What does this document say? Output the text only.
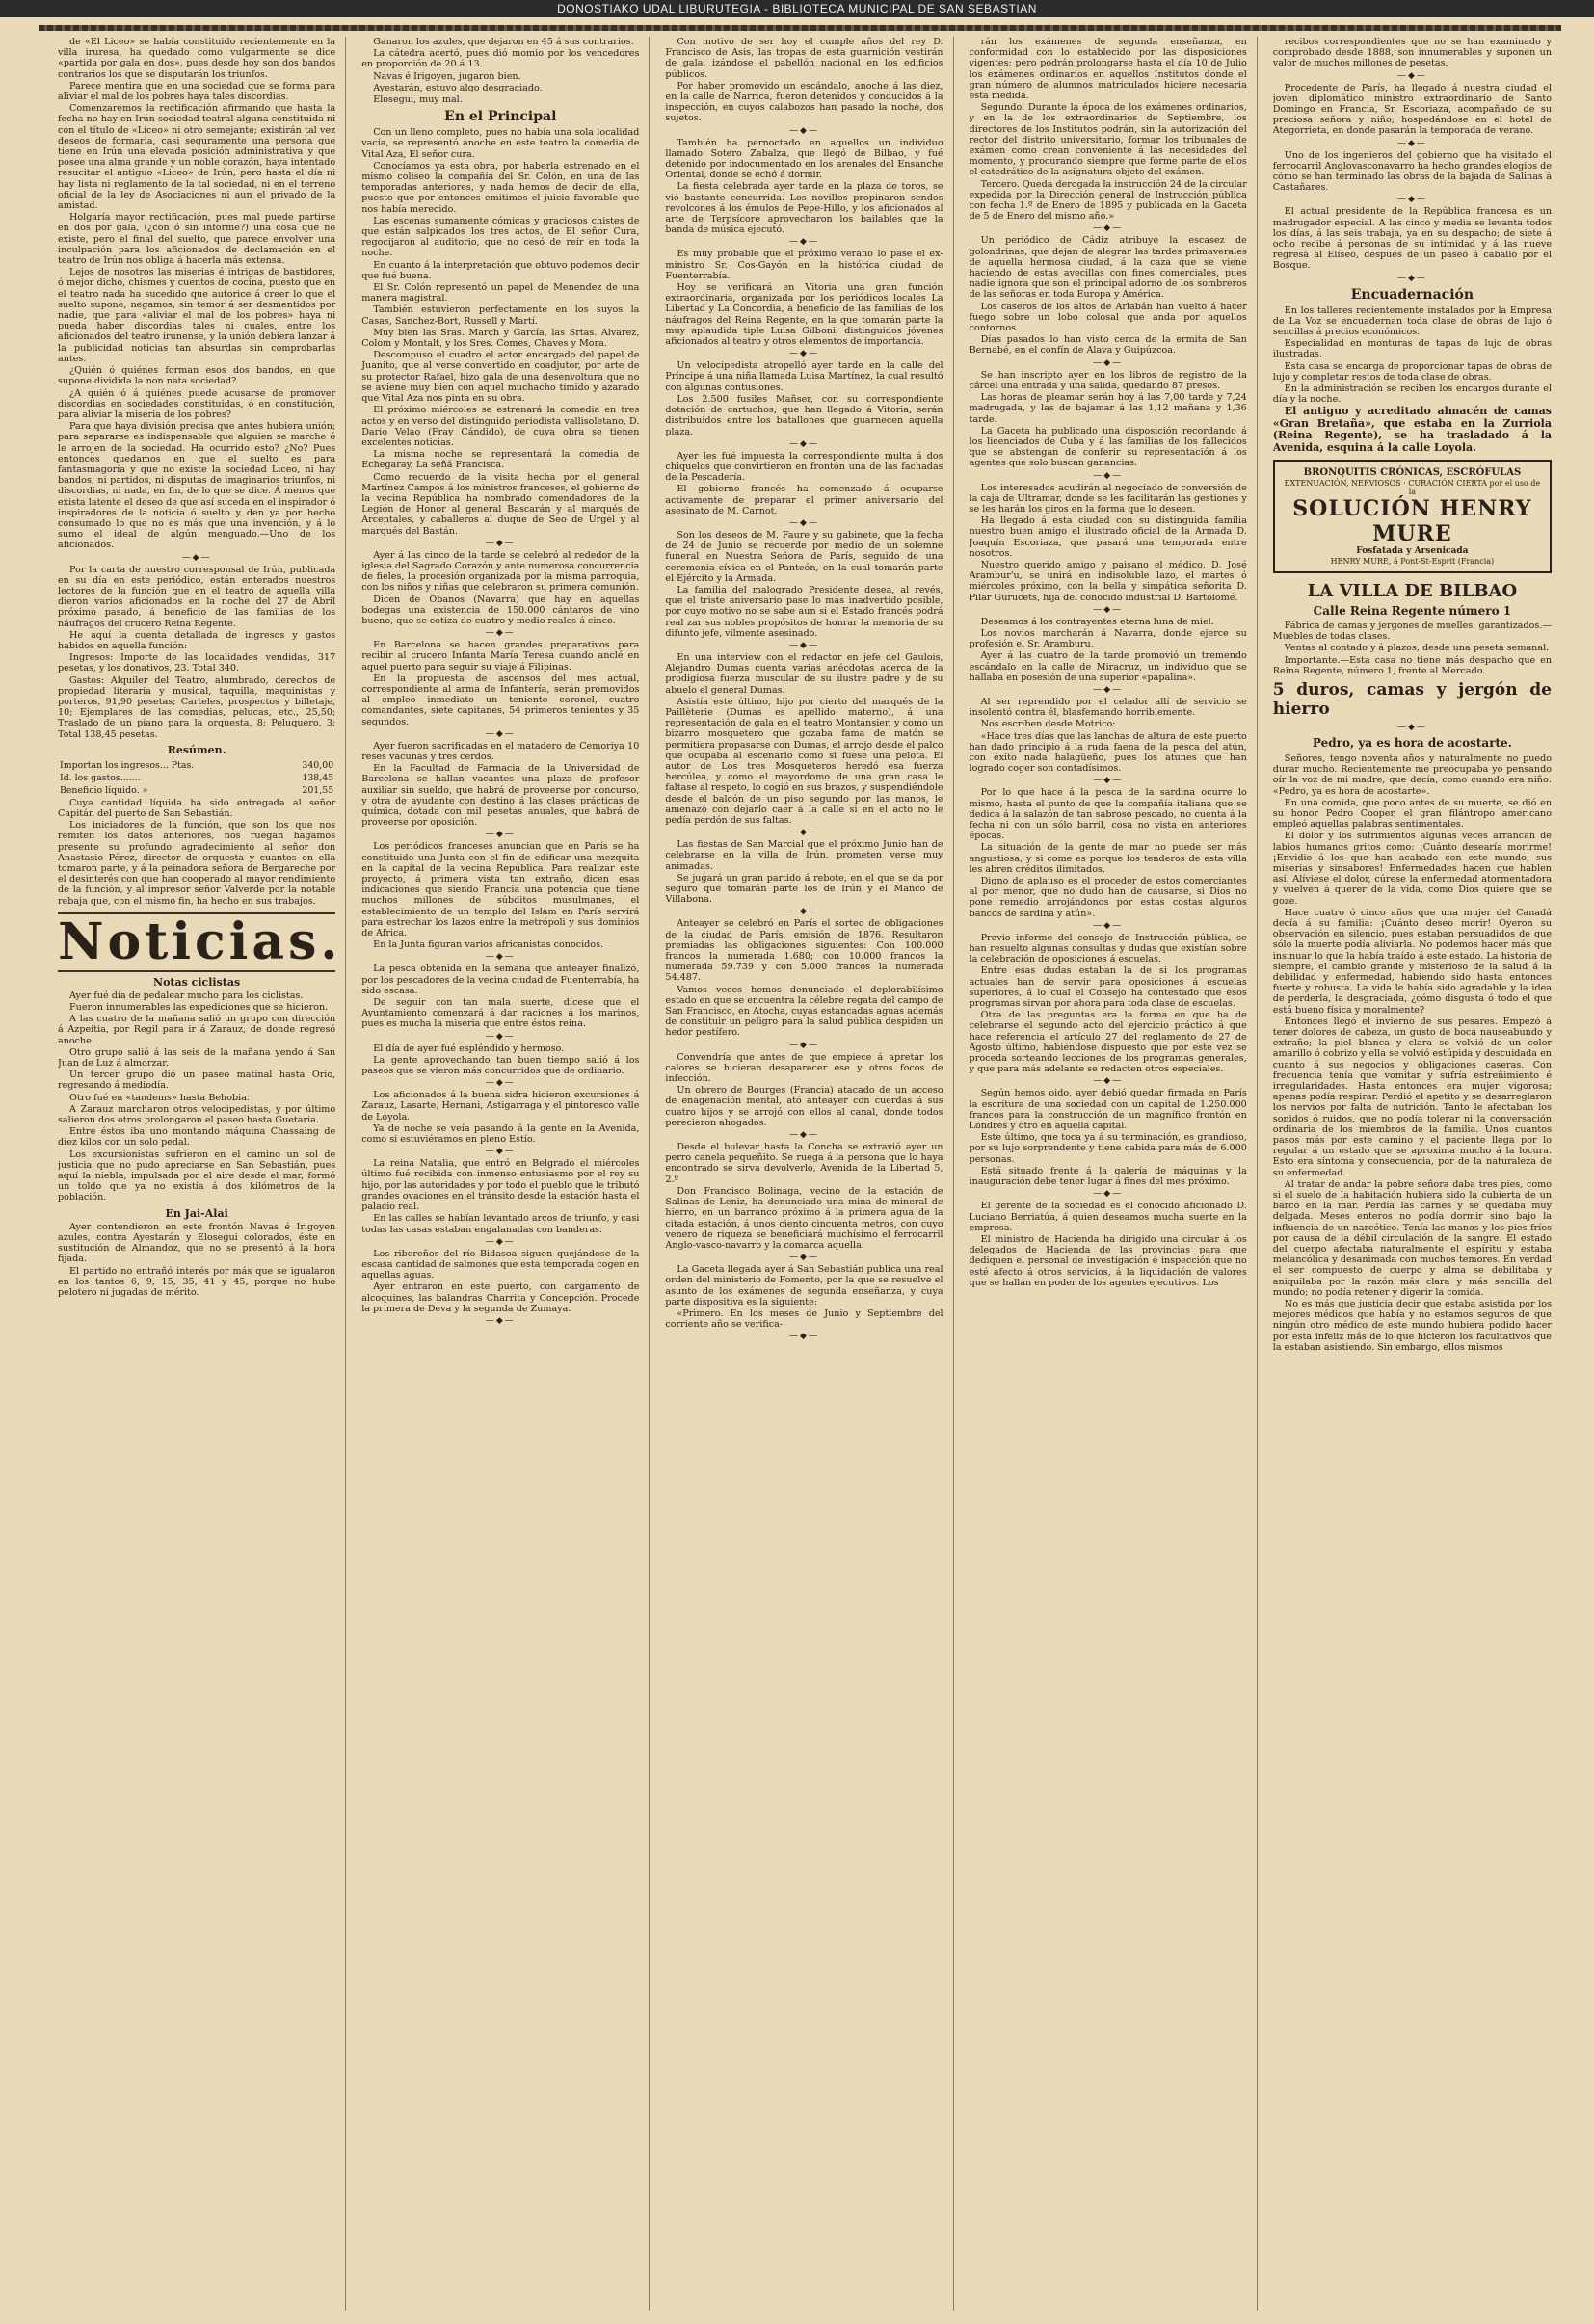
DONOSTIAKO UDAL LIBURUTEGIA - BIBLIOTECA MUNICIPAL DE SAN SEBASTIAN

de «El Liceo» se había constituido recientemente en la villa iruresa, ha quedado como vulgarmente se dice «partida por gala en dos», pues desde hoy son dos bandos contrarios los que se disputarán los triunfos.

Parece mentira que en una sociedad que se forma para aliviar el mal de los pobres haya tales discordias.

Comenzaremos la rectificación afirmando que hasta la fecha no hay en Irún sociedad teatral alguna constituida ni con el título de «Liceo» ni otro semejante; existirán tal vez deseos de formarla, casi seguramente una persona que tiene en Irún una elevada posición administrativa y que posee una alma grande y un noble corazón, haya intentado resucitar el antiguo «Liceo» de Irún, pero hasta el día ni hay lista ni reglamento de la tal sociedad, ni en el terreno oficial de la ley de Asociaciones ni aun el privado de la amistad.

Holgaría mayor rectificación, pues mal puede partirse en dos por gala, (¿con ó sin informe?) una cosa que no existe, pero el final del suelto, que parece envolver una inculpación para los aficionados de declamación en el teatro de Irún nos obliga á hacerla más extensa.

Lejos de nosotros las miserias é intrigas de bastidores, ó mejor dicho, chismes y cuentos de cocina, puesto que en el teatro nada ha sucedido que autorice á creer lo que el suelto supone, negamos, sin temor á ser desmentidos por nadie, que para «aliviar el mal de los pobres» haya ni pueda haber discordias tales ni cuales, entre los aficionados del teatro irunense, y la unión debiera lanzar á la publicidad noticias tan absurdas sin comprobarlas antes.

¿Quién ó quiénes forman esos dos bandos, en que supone dividida la non nata sociedad?

¿A quién ó á quiénes puede acusarse de promover discordias en sociedades constituidas, ó en constitución, para aliviar la miseria de los pobres?

Para que haya división precisa que antes hubiera unión; para separarse es indispensable que alguien se marche ó le arrojen de la sociedad. Ha ocurrido esto? ¿No? Pues entonces quedamos en que el suelto es para fantasmagoría y que no existe la sociedad Liceo, ni hay bandos, ni partidos, ni disputas de imaginarios triunfos, ni discordias, ni nada, en fin, de lo que se dice. Á menos que exista latente el deseo de que así suceda en el inspirador ó inspiradores de la noticia ó suelto y den ya por hecho consumado lo que no es más que una invención, y á lo sumo el ideal de algún menguado.—Uno de los aficionados.

—◆—

Por la carta de nuestro corresponsal de Irún, publicada en su día en este periódico, están enterados nuestros lectores de la función que en el teatro de aquella villa dieron varios aficionados en la noche del 27 de Abril próximo pasado, á beneficio de las familias de los náufragos del crucero Reina Regente.

He aquí la cuenta detallada de ingresos y gastos habidos en aquella función:

Ingresos: Importe de las localidades vendidas, 317 pesetas, y los donativos, 23. Total 340.

Gastos: Alquiler del Teatro, alumbrado, derechos de propiedad literaria y musical, taquilla, maquinistas y porteros, 91,90 pesetas; Carteles, prospectos y billetaje, 10; Ejemplares de las comedias, pelucas, etc., 25,50; Traslado de un piano para la orquesta, 8; Peluquero, 3; Total 138,45 pesetas.

Resúmen.
Importan los ingresos... Ptas.	340,00
Id. los gastos.......	138,45
Beneficio líquido. »	201,55

Cuya cantidad líquida ha sido entregada al señor Capitán del puerto de San Sebastián.

Los iniciadores de la función, que son los que nos remiten los datos anteriores, nos ruegan hagamos presente su profundo agradecimiento al señor don Anastasio Pérez, director de orquesta y cuantos en ella tomaron parte, y á la peinadora señora de Bergareche por el desinterés con que han cooperado al mayor rendimiento de la función, y al impresor señor Valverde por la notable rebaja que, con el mismo fin, ha hecho en sus trabajos.

Noticias.
Notas ciclistas

Ayer fué día de pedalear mucho para los ciclistas.

Fueron innumerables las expediciones que se hicieron.

A las cuatro de la mañana salió un grupo con dirección á Azpeitia, por Regil para ir á Zarauz, de donde regresó anoche.

Otro grupo salió á las seis de la mañana yendo á San Juan de Luz á almorzar.

Un tercer grupo dió un paseo matinal hasta Orio, regresando á mediodía.

Otro fué en «tandems» hasta Behobia.

A Zarauz marcharon otros velocipedistas, y por último salieron dos otros prolongaron el paseo hasta Guetaria.

Entre éstos iba uno montando máquina Chassaing de diez kilos con un solo pedal.

Los excursionistas sufrieron en el camino un sol de justicia que no pudo apreciarse en San Sebastián, pues aquí la niebla, impulsada por el aire desde el mar, formó un toldo que ya no existía á dos kilómetros de la población.

En Jai-Alai

Ayer contendieron en este frontón Navas é Irigoyen azules, contra Ayestarán y Elosegui colorados, éste en sustitución de Almandoz, que no se presentó á la hora fijada.

El partido no entrañó interés por más que se igualaron en los tantos 6, 9, 15, 35, 41 y 45, porque no hubo pelotero ni jugadas de mérito.

Ganaron los azules, que dejaron en 45 á sus contrarios.

La cátedra acertó, pues dió momio por los vencedores en proporción de 20 á 13.

Navas é Irigoyen, jugaron bien.

Ayestarán, estuvo algo desgraciado.

Elosegui, muy mal.

En el Principal

Con un lleno completo, pues no había una sola localidad vacía, se representó anoche en este teatro la comedia de Vital Aza, El señor cura.

Conocíamos ya esta obra, por haberla estrenado en el mismo coliseo la compañía del Sr. Colón, en una de las temporadas anteriores, y nada hemos de decir de ella, puesto que por entonces emitimos el juicio favorable que nos había merecido.

Las escenas sumamente cómicas y graciosos chistes de que están salpicados los tres actos, de El señor Cura, regocijaron al auditorio, que no cesó de reír en toda la noche.

En cuanto á la interpretación que obtuvo podemos decir que fué buena.

El Sr. Colón representó un papel de Menendez de una manera magistral.

También estuvieron perfectamente en los suyos la Casas, Sanchez-Bort, Russell y Martí.

Muy bien las Sras. March y García, las Srtas. Alvarez, Colom y Montalt, y los Sres. Comes, Chaves y Mora.

Descompuso el cuadro el actor encargado del papel de Juanito, que al verse convertido en coadjutor, por arte de su protector Rafael, hizo gala de una desenvoltura que no se aviene muy bien con aquel muchacho tímido y azarado que Vital Aza nos pinta en su obra.

El próximo miércoles se estrenará la comedia en tres actos y en verso del distinguido periodista vallisoletano, D. Dario Velao (Fray Cándido), de cuya obra se tienen excelentes noticias.

La misma noche se representará la comedia de Echegaray, La señá Francisca.

Como recuerdo de la visita hecha por el general Martínez Campos á los ministros franceses, el gobierno de la vecina República ha nombrado comendadores de la Legión de Honor al general Bascarán y al marqués de Arcentales, y caballeros al duque de Seo de Urgel y al marqués del Bastán.

—◆—

Ayer á las cinco de la tarde se celebró al rededor de la iglesia del Sagrado Corazón y ante numerosa concurrencia de fieles, la procesión organizada por la misma parroquia, con los niños y niñas que celebraron su primera comunión.

Dicen de Obanos (Navarra) que hay en aquellas bodegas una existencia de 150.000 cántaros de vino bueno, que se cotiza de cuatro y medio reales á cinco.

—◆—

En Barcelona se hacen grandes preparativos para recibir al crucero Infanta María Teresa cuando anclé en aquel puerto para seguir su viaje á Filipinas.

En la propuesta de ascensos del mes actual, correspondiente al arma de Infantería, serán promovidos al empleo inmediato un teniente coronel, cuatro comandantes, siete capitanes, 54 primeros tenientes y 35 segundos.

—◆—

Ayer fueron sacrificadas en el matadero de Cemoriya 10 reses vacunas y tres cerdos.

En la Facultad de Farmacia de la Universidad de Barcelona se hallan vacantes una plaza de profesor auxiliar sin sueldo, que habrá de proveerse por concurso, y otra de ayudante con destino á las clases prácticas de química, dotada con mil pesetas anuales, que habrá de proveerse por oposición.

—◆—

Los periódicos franceses anuncian que en París se ha constituido una Junta con el fin de edificar una mezquita en la capital de la vecina República. Para realizar este proyecto, á primera vista tan extraño, dicen esas indicaciones que siendo Francia una potencia que tiene muchos millones de súbditos musulmanes, el establecimiento de un templo del Islam en París servirá para estrechar los lazos entre la metrópoli y sus dominios de Africa.

En la Junta figuran varios africanistas conocidos.

—◆—

La pesca obtenida en la semana que anteayer finalizó, por los pescadores de la vecina ciudad de Fuenterrabía, ha sido escasa.

De seguir con tan mala suerte, dícese que el Ayuntamiento comenzará á dar raciones á los marinos, pues es mucha la miseria que entre éstos reina.

—◆—

El día de ayer fué espléndido y hermoso.

La gente aprovechando tan buen tiempo salió á los paseos que se vieron más concurridos que de ordinario.

—◆—

Los aficionados á la buena sidra hicieron excursiones á Zarauz, Lasarte, Hernani, Astigarraga y el pintoresco valle de Loyola.

Ya de noche se veía pasando á la gente en la Avenida, como si estuviéramos en pleno Estío.

—◆—

La reina Natalia, que entró en Belgrado el miércoles último fué recibida con inmenso entusiasmo por el rey su hijo, por las autoridades y por todo el pueblo que le tributó grandes ovaciones en el tránsito desde la estación hasta el palacio real.

En las calles se habían levantado arcos de triunfo, y casi todas las casas estaban engalanadas con banderas.

—◆—

Los ribereños del río Bidasoa siguen quejándose de la escasa cantidad de salmones que esta temporada cogen en aquellas aguas.

Ayer entraron en este puerto, con cargamento de alcoquines, las balandras Charrita y Concepción. Procede la primera de Deva y la segunda de Zumaya.

—◆—

Con motivo de ser hoy el cumple años del rey D. Francisco de Asis, las tropas de esta guarnición vestirán de gala, izándose el pabellón nacional en los edificios públicos.

Por haber promovido un escándalo, anoche á las diez, en la calle de Narrica, fueron detenidos y conducidos á la inspección, en cuyos calabozos han pasado la noche, dos sujetos.

—◆—

También ha pernoctado en aquellos un individuo llamado Sotero Zabalza, que llegó de Bilbao, y fué detenido por indocumentado en los arenales del Ensanche Oriental, donde se echó á dormir.

La fiesta celebrada ayer tarde en la plaza de toros, se vió bastante concurrida. Los novillos propinaron sendos revolcones á los émulos de Pepe-Hillo, y los aficionados al arte de Terpsícore aprovecharon los bailables que la banda de música ejecutó.

—◆—

Es muy probable que el próximo verano lo pase el ex-ministro Sr. Cos-Gayón en la histórica ciudad de Fuenterrabía.

Hoy se verificará en Vitoria una gran función extraordinaria, organizada por los periódicos locales La Libertad y La Concordia, á beneficio de las familias de los náufragos del Reina Regente, en la que tomarán parte la muy aplaudida tiple Luisa Gilboni, distinguidos jóvenes aficionados al teatro y otros elementos de importancia.

—◆—

Un velocipedista atropelló ayer tarde en la calle del Príncipe á una niña llamada Luisa Martínez, la cual resultó con algunas contusiones.

Los 2.500 fusiles Mañser, con su correspondiente dotación de cartuchos, que han llegado á Vitoria, serán distribuidos entre los batallones que guarnecen aquella plaza.

—◆—

Ayer les fué impuesta la correspondiente multa á dos chiquelos que convirtieron en frontón una de las fachadas de la Pescadería.

El gobierno francés ha comenzado á ocuparse activamente de preparar el primer aniversario del asesinato de M. Carnot.

—◆—

Son los deseos de M. Faure y su gabinete, que la fecha de 24 de Junio se recuerde por medio de un solemne funeral en Nuestra Señora de París, seguido de una ceremonia cívica en el Panteón, en la cual tomarán parte el Ejército y la Armada.

La familia del malogrado Presidente desea, al revés, que el triste aniversario pase lo más inadvertido posible, por cuyo motivo no se sabe aun si el Estado francés podrá real zar sus nobles propósitos de honrar la memoria de su difunto jefe, vilmente asesinado.

—◆—

En una interview con el redactor en jefe del Gaulois, Alejandro Dumas cuenta varias anécdotas acerca de la prodigiosa fuerza muscular de su ilustre padre y de su abuelo el general Dumas.

Asistía este último, hijo por cierto del marqués de la Paillèterie (Dumas es apellido materno), á una representación de gala en el teatro Montansier, y como un bizarro mosquetero que gozaba fama de matón se permitiera propasarse con Dumas, el arrojo desde el palco que ocupaba al escenario como si fuese una pelota. El autor de Los tres Mosqueteros heredó esa fuerza hercúlea, y como el mayordomo de una gran casa le faltase al respeto, lo cogió en sus brazos, y suspendiéndole desde el balcón de un piso segundo por las manos, le amenazó con dejarlo caer á la calle si en el acto no le pedía perdón de sus faltas.

—◆—

Las fiestas de San Marcial que el próximo Junio han de celebrarse en la villa de Irún, prometen verse muy animadas.

Se jugará un gran partido á rebote, en el que se da por seguro que tomarán parte los de Irún y el Manco de Villabona.

—◆—

Anteayer se celebró en París el sorteo de obligaciones de la ciudad de París, emisión de 1876. Resultaron premiadas las obligaciones siguientes: Con 100.000 francos la numerada 1.680; con 10.000 francos la numerada 59.739 y con 5.000 francos la numerada 54.487.

Vamos veces hemos denunciado el deplorabilísimo estado en que se encuentra la célebre regata del campo de San Francisco, en Atocha, cuyas estancadas aguas además de constituir un peligro para la salud pública despiden un hedor pestífero.

—◆—

Convendría que antes de que empiece á apretar los calores se hicieran desaparecer ese y otros focos de infección.

Un obrero de Bourges (Francia) atacado de un acceso de enagenación mental, ató anteayer con cuerdas á sus cuatro hijos y se arrojó con ellos al canal, donde todos perecieron ahogados.

—◆—

Desde el bulevar hasta la Concha se extravió ayer un perro canela pequeñito. Se ruega á la persona que lo haya encontrado se sirva devolverlo, Avenida de la Libertad 5, 2.º

Don Francisco Bolinaga, vecino de la estación de Salinas de Leniz, ha denunciado una mina de mineral de hierro, en un barranco próximo á la primera agua de la citada estación, á unos ciento cincuenta metros, con cuyo venero de riqueza se beneficiará muchísimo el ferrocarril Anglo-vasco-navarro y la comarca aquella.

—◆—

La Gaceta llegada ayer á San Sebastián publica una real orden del ministerio de Fomento, por la que se resuelve el asunto de los exámenes de segunda enseñanza, y cuya parte dispositiva es la siguiente:

«Primero. En los meses de Junio y Septiembre del corriente año se verifica-

—◆—

rán los exámenes de segunda enseñanza, en conformidad con lo establecido por las disposiciones vigentes; pero podrán prolongarse hasta el día 10 de Julio los exámenes ordinarios en aquellos Institutos donde el gran número de alumnos matriculados hiciere necesaria esta medida.

Segundo. Durante la época de los exámenes ordinarios, y en la de los extraordinarios de Septiembre, los directores de los Institutos podrán, sin la autorización del rector del distrito universitario, formar los tribunales de exámen como crean conveniente á las necesidades del momento, y procurando siempre que forme parte de ellos el catedrático de la asignatura objeto del exámen.

Tercero. Queda derogada la instrucción 24 de la circular expedida por la Dirección general de Instrucción pública con fecha 1.º de Enero de 1895 y publicada en la Gaceta de 5 de Enero del mismo año.»

—◆—

Un periódico de Cádiz atribuye la escasez de golondrinas, que dejan de alegrar las tardes primaverales de aquella hermosa ciudad, á la caza que se viene haciendo de estas avecillas con fines comerciales, pues nadie ignora que son el principal adorno de los sombreros de las señoras en toda Europa y América.

Los caseros de los altos de Arlabán han vuelto á hacer fuego sobre un lobo colosal que anda por aquellos contornos.

Días pasados lo han visto cerca de la ermita de San Bernabé, en el confín de Alava y Guipúzcoa.

—◆—

Se han inscripto ayer en los libros de registro de la cárcel una entrada y una salida, quedando 87 presos.

Las horas de pleamar serán hoy á las 7,00 tarde y 7,24 madrugada, y las de bajamar á las 1,12 mañana y 1,36 tarde.

La Gaceta ha publicado una disposición recordando á los licenciados de Cuba y á las familias de los fallecidos que se abstengan de conferir su representación á los agentes que solo buscan ganancias.

—◆—

Los interesados acudirán al negociado de conversión de la caja de Ultramar, donde se les facilitarán las gestiones y se les harán los giros en la forma que lo deseen.

Ha llegado á esta ciudad con su distinguida familia nuestro buen amigo el ilustrado oficial de la Armada D. Joaquín Escoriaza, que pasará una temporada entre nosotros.

Nuestro querido amigo y paisano el médico, D. José Arambur'u, se unirá en indisoluble lazo, el martes ó miércoles próximo, con la bella y simpática señorita D. Pilar Gurucets, hija del conocido industrial D. Bartolomé.

—◆—

Deseamos á los contrayentes eterna luna de miel.

Los novios marcharán á Navarra, donde ejerce su profesión el Sr. Aramburu.

Ayer á las cuatro de la tarde promovió un tremendo escándalo en la calle de Miracruz, un individuo que se hallaba en posesión de una superior «papalina».

—◆—

Al ser reprendido por el celador allí de servicio se insolentó contra él, blasfemando horriblemente.

Nos escriben desde Motrico:

«Hace tres días que las lanchas de altura de este puerto han dado principio á la ruda faena de la pesca del atún, con éxito nada halagüeño, pues los atunes que han logrado coger son contadísimos.

—◆—

Por lo que hace á la pesca de la sardina ocurre lo mismo, hasta el punto de que la compañía italiana que se dedica á la salazón de tan sabroso pescado, no cuenta á la fecha ni con un sólo barril, cosa no vista en anteriores épocas.

La situación de la gente de mar no puede ser más angustiosa, y si come es porque los tenderos de esta villa les abren créditos ilimitados.

Digno de aplauso es el proceder de estos comerciantes al por menor, que no dudo han de causarse, si Dios no pone remedio arrojándonos por estas costas algunos bancos de sardina y atún».

—◆—

Previo informe del consejo de Instrucción pública, se han resuelto algunas consultas y dudas que existían sobre la celebración de oposiciones á escuelas.

Entre esas dudas estaban la de si los programas actuales han de servir para oposiciones á escuelas superiores, á lo cual el Consejo ha contestado que esos programas sirvan por ahora para toda clase de escuelas.

Otra de las preguntas era la forma en que ha de celebrarse el segundo acto del ejercicio práctico á que hace referencia el artículo 27 del reglamento de 27 de Agosto último, habiéndose dispuesto que por este vez se proceda sorteando lecciones de los programas generales, y que para más adelante se redacten otros especiales.

—◆—

Según hemos oido, ayer debió quedar firmada en París la escritura de una sociedad con un capital de 1.250.000 francos para la construcción de un magnífico frontón en Londres y otro en aquella capital.

Este último, que toca ya á su terminación, es grandioso, por su lujo sorprendente y tiene cabida para más de 6.000 personas.

Está situado frente á la galería de máquinas y la inauguración debe tener lugar á fines del mes próximo.

—◆—

El gerente de la sociedad es el conocido aficionado D. Luciano Berriatúa, á quien deseamos mucha suerte en la empresa.

El ministro de Hacienda ha dirigido una circular á los delegados de Hacienda de las provincias para que dediquen el personal de investigación é inspección que no esté afecto á otros servicios, á la liquidación de valores que se hallan en poder de los agentes ejecutivos. Los

recibos correspondientes que no se han examinado y comprobado desde 1888, son innumerables y suponen un valor de muchos millones de pesetas.

—◆—

Procedente de París, ha llegado á nuestra ciudad el joven diplomático ministro extraordinario de Santo Domingo en Francia, Sr. Escoriaza, acompañado de su preciosa señora y niño, hospedándose en el hotel de Ategorrieta, en donde pasarán la temporada de verano.

—◆—

Uno de los ingenieros del gobierno que ha visitado el ferrocarril Anglovasconavarro ha hecho grandes elogios de cómo se han terminado las obras de la bajada de Salinas á Castañares.

—◆—

El actual presidente de la República francesa es un madrugador especial. A las cinco y media se levanta todos los días, á las seis trabaja, ya en su despacho; de siete á ocho recibe á personas de su intimidad y á las nueve regresa al Elíseo, después de un paseo á caballo por el Bosque.

—◆—
Encuadernación

En los talleres recientemente instalados por la Empresa de La Voz se encuadernan toda clase de obras de lujo ó sencillas á precios económicos.

Especialidad en monturas de tapas de lujo de obras ilustradas.

Esta casa se encarga de proporcionar tapas de obras de lujo y completar restos de toda clase de obras.

En la administración se reciben los encargos durante el día y la noche.

El antiguo y acreditado almacén de camas «Gran Bretaña», que estaba en la Zurriola (Reina Regente), se ha trasladado á la Avenida, esquina á la calle Loyola.

BRONQUITIS CRÓNICAS, ESCRÓFULAS
EXTENUACIÓN, NERVIOSOS · CURACIÓN CIERTA por el uso de la
SOLUCIÓN HENRY MURE
Fosfatada y Arsenicada
HENRY MURE, á Pont-St-Esprit (Francia)
LA VILLA DE BILBAO
Calle Reina Regente número 1

Fábrica de camas y jergones de muelles, garantizados.— Muebles de todas clases.

Ventas al contado y á plazos, desde una peseta semanal.

Importante.—Esta casa no tiene más despacho que en Reina Regente, número 1, frente al Mercado.

5 duros, camas y jergón de hierro
—◆—
Pedro, ya es hora de acostarte.

Señores, tengo noventa años y naturalmente no puedo durar mucho. Recientemente me preocupaba yo pensando oír la voz de mi madre, que decía, como cuando era niño: «Pedro, ya es hora de acostarte».

En una comida, que poco antes de su muerte, se dió en su honor Pedro Cooper, el gran filántropo americano empleó aquellas palabras sentimentales.

El dolor y los sufrimientos algunas veces arrancan de labios humanos gritos como: ¡Cuánto desearía morirme! ¡Envidio á los que han acabado con este mundo, sus miserias y sinsabores! Enfermedades hacen que hablen así. Alíviese el dolor, cúrese la enfermedad atormentadora y vuelven á querer de la vida, como Dios quiere que se goze.

Hace cuatro ó cinco años que una mujer del Canadá decía á su familia: ¡Cuánto deseo morir! Oyeron su observación en silencio, pues estaban persuadidos de que sólo la muerte podía aliviarla. No podemos hacer más que insinuar lo que la había traído á este estado. La historia de siempre, el cambio grande y misterioso de la salud á la debilidad y enfermedad, habiendo sido hasta entonces fuerte y robusta. La vida le había sido agradable y la idea de perderla, la desgraciada, ¿cómo disgusta ó todo el que está bueno física y moralmente?

Entonces llegó el invierno de sus pesares. Empezó á tener dolores de cabeza, un gusto de boca nauseabundo y extraño; la piel blanca y clara se volvió de un color amarillo ó cobrizo y ella se volvió estúpida y descuidada en cuanto á sus negocios y obligaciones caseras. Con frecuencia tenía que vomitar y sufría estreñimiento é irregularidades. Hasta entonces era mujer vigorosa; apenas podía respirar. Perdió el apetito y se desarreglaron los nervios por falta de nutrición. Tanto le afectaban los sonidos ó ruidos, que no podía tolerar ni la conversación ordinaria de los miembros de la familia. Unos cuantos pasos más por este camino y el paciente llega por lo regular á un estado que se aproxima mucho á la locura. Esto era síntoma y consecuencia, por de la naturaleza de su enfermedad.

Al tratar de andar la pobre señora daba tres pies, como si el suelo de la habitación hubiera sido la cubierta de un barco en la mar. Perdía las carnes y se quedaba muy delgada. Meses enteros no podía dormir sino bajo la influencia de un narcótico. Tenía las manos y los pies fríos por causa de la débil circulación de la sangre. El estado del cuerpo afectaba naturalmente el espíritu y estaba melancólica y desanimada con muchos temores. En verdad el ser compuesto de cuerpo y alma se debilitaba y aniquilaba por la razón más clara y más sencilla del mundo; no podía retener y digerir la comida.

No es más que justicia decir que estaba asistida por los mejores médicos que había y no estamos seguros de que ningún otro médico de este mundo hubiera podido hacer por esta infeliz más de lo que hicieron los facultativos que la estaban asistiendo. Sin embargo, ellos mismos
